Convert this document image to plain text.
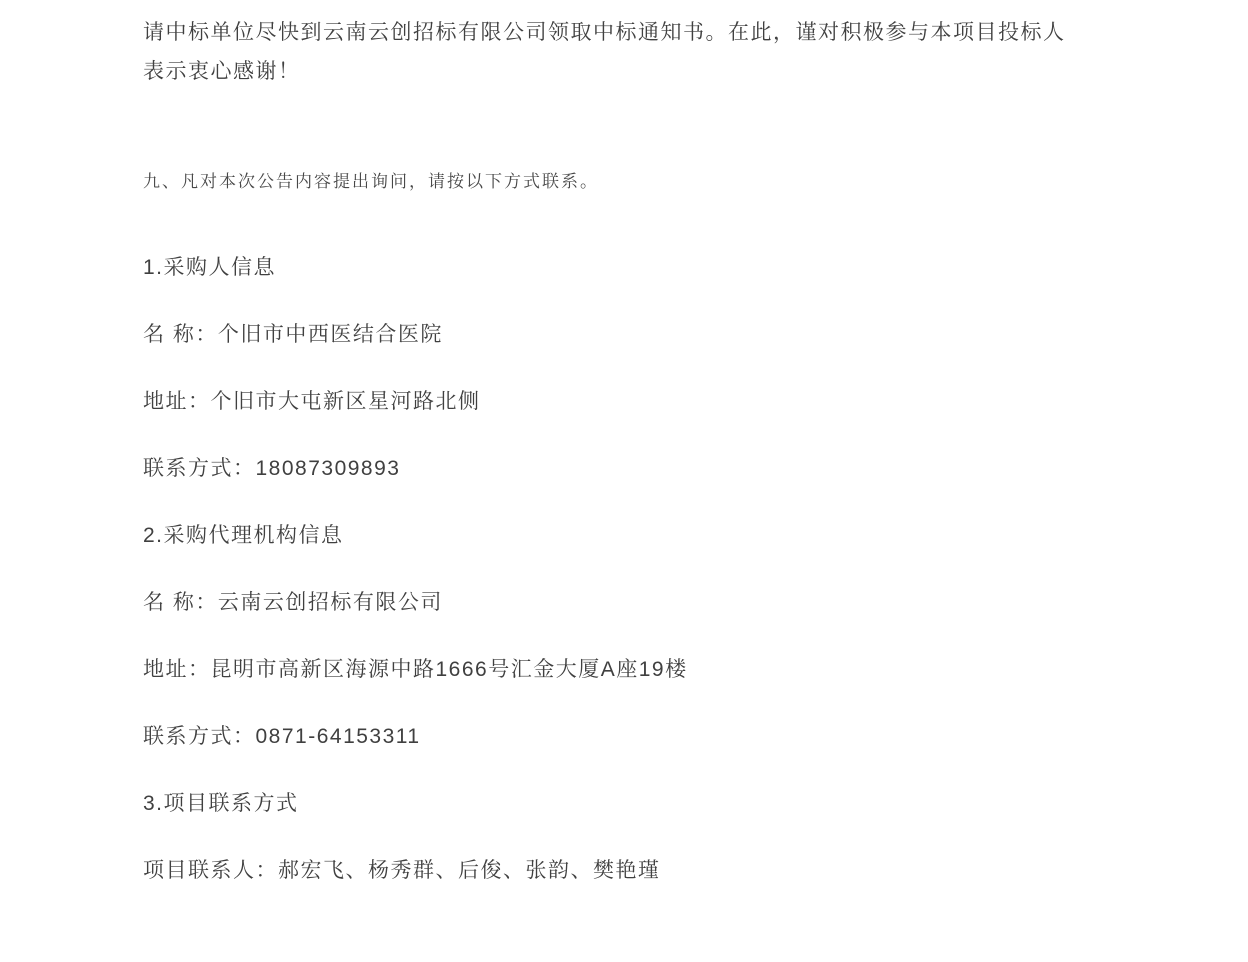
请中标单位尽快到云南云创招标有限公司领取中标通知书。在此，谨对积极参与本项目投标人
表示衷心感谢！

九、凡对本次公告内容提出询问，请按以下方式联系。

1.采购人信息

名 称：个旧市中西医结合医院

地址：个旧市大屯新区星河路北侧

联系方式：18087309893

2.采购代理机构信息

名 称：云南云创招标有限公司

地址：昆明市高新区海源中路1666号汇金大厦A座19楼

联系方式：0871-64153311

3.项目联系方式

项目联系人：郝宏飞、杨秀群、后俊、张韵、樊艳瑾
